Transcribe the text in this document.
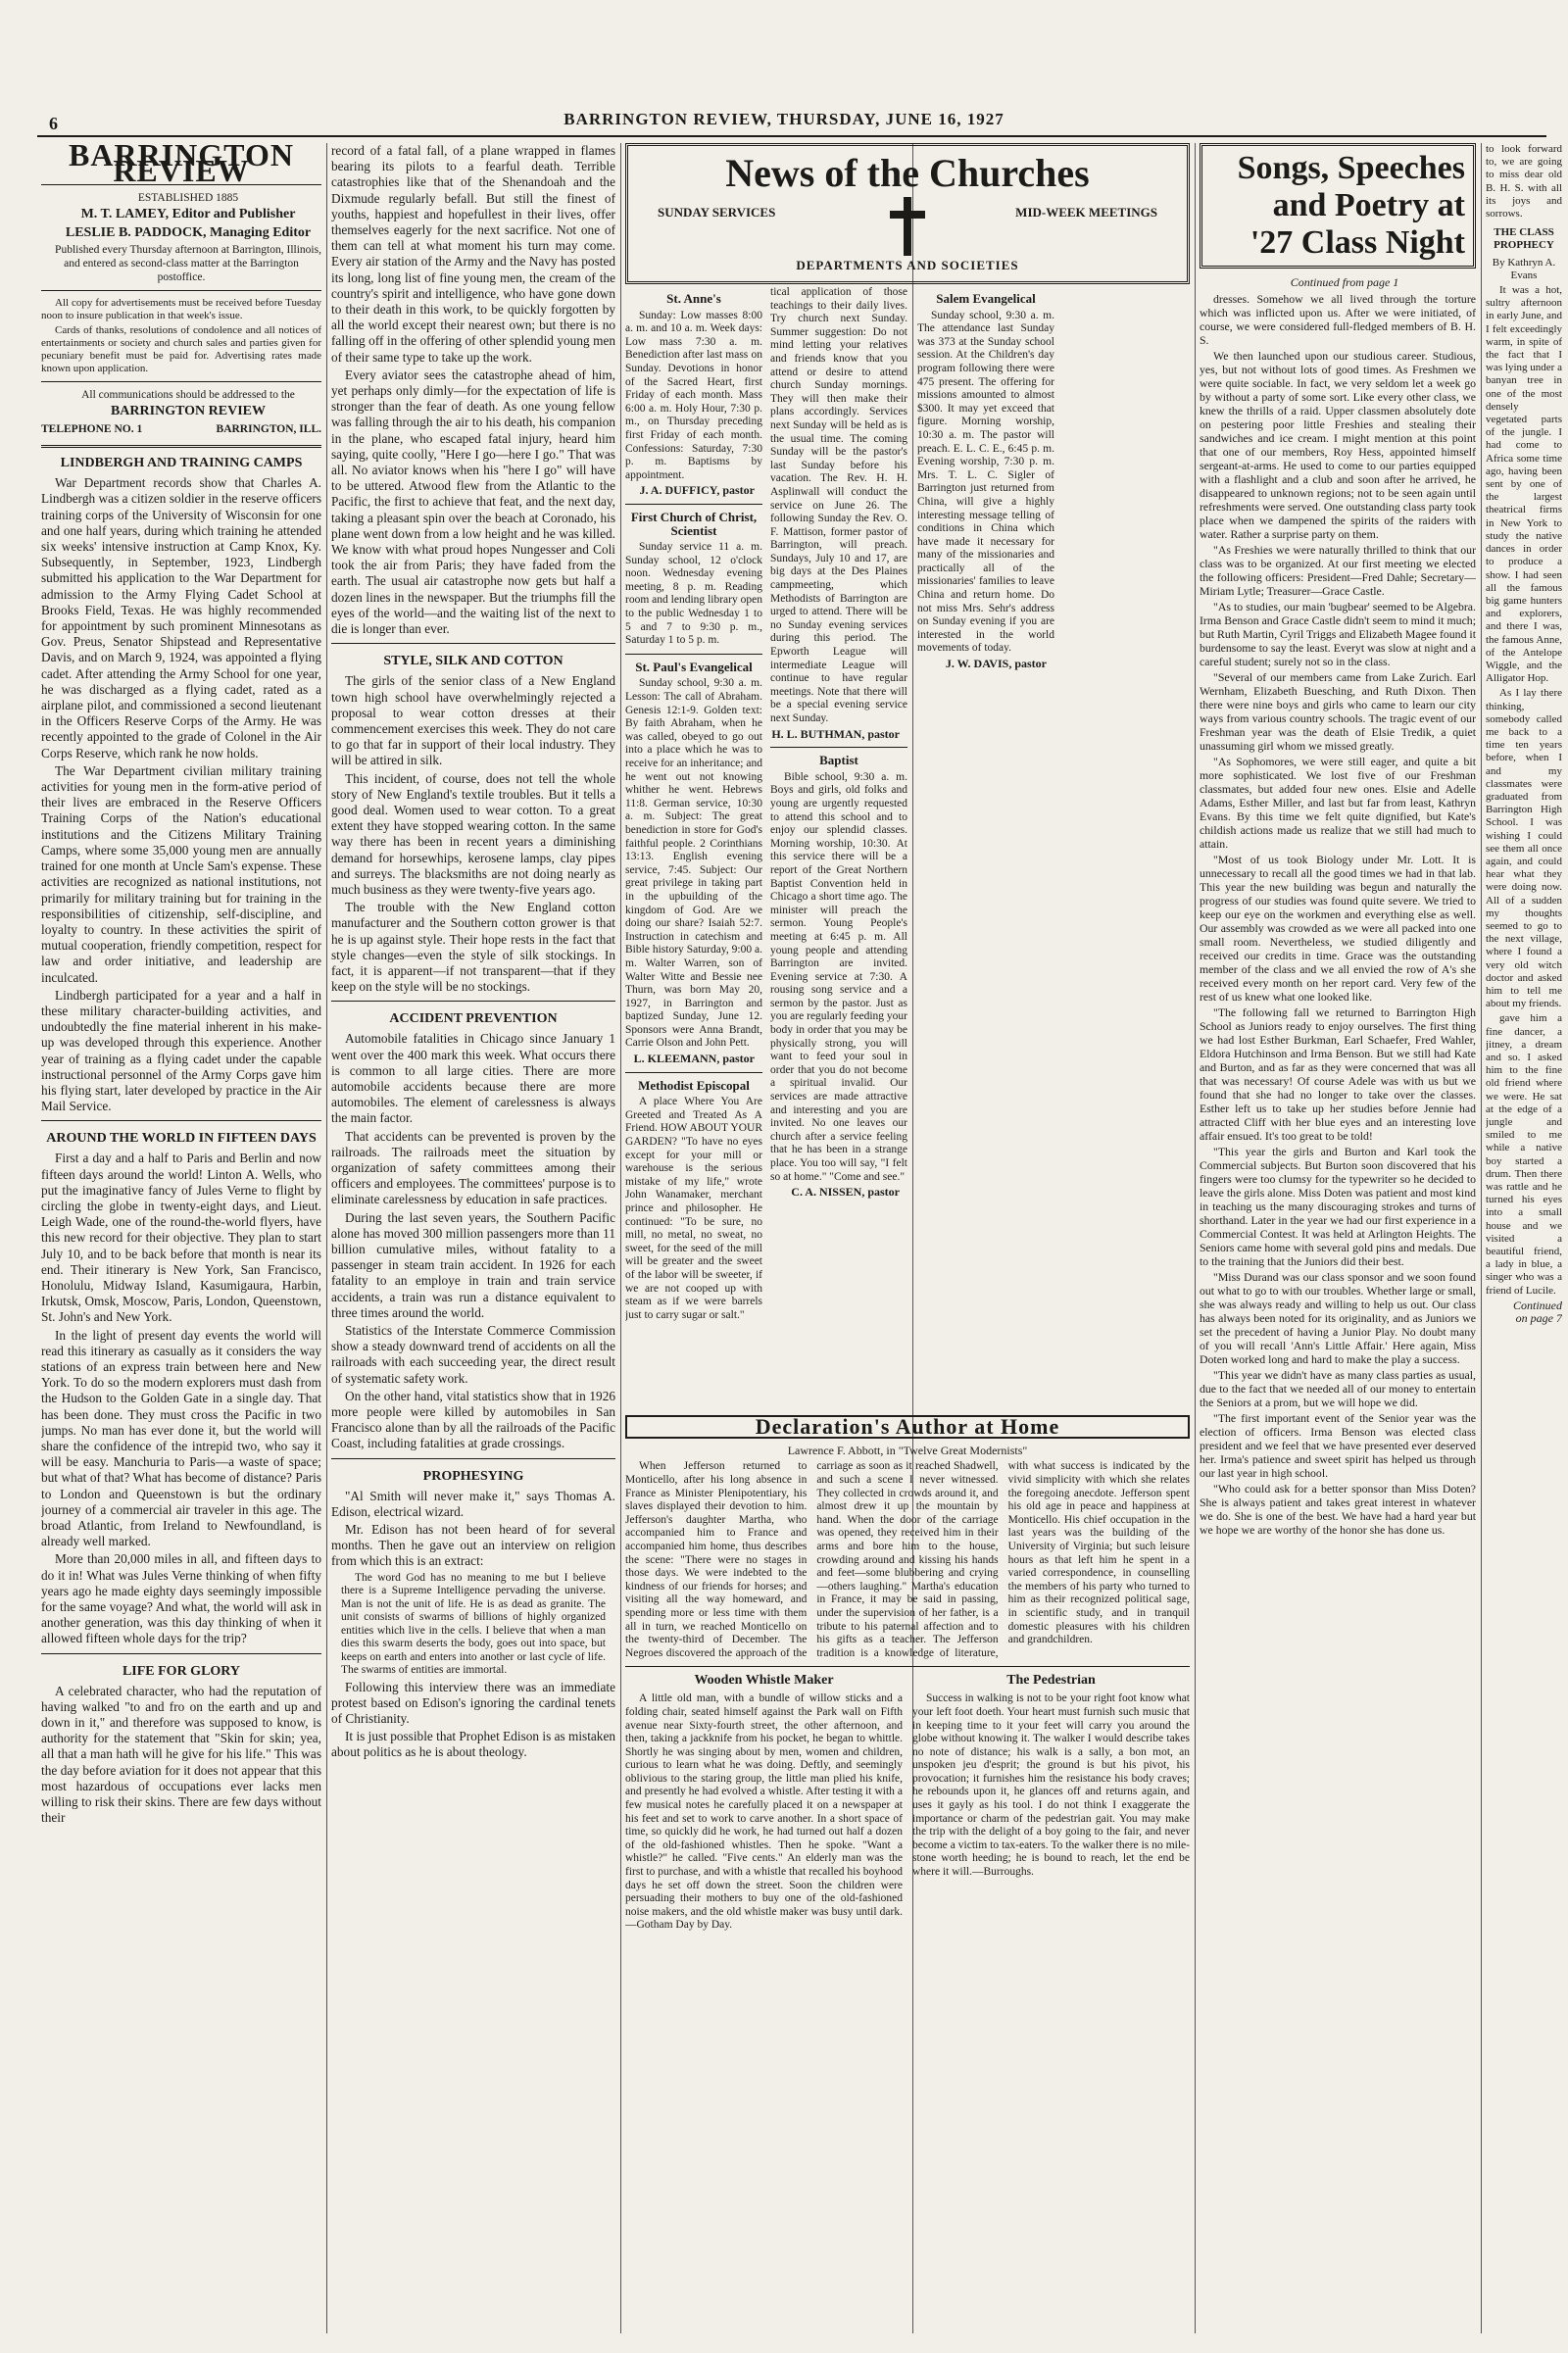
6	BARRINGTON REVIEW, THURSDAY, JUNE 16, 1927
BARRINGTON REVIEW

ESTABLISHED 1885

M. T. LAMEY, Editor and Publisher

LESLIE B. PADDOCK, Managing Editor

Published every Thursday afternoon at Barrington, Illinois, and entered as second-class matter at the Barrington postoffice.

All copy for advertisements must be received before Tuesday noon to insure publication in that week's issue.

Cards of thanks, resolutions of condolence and all notices of entertainments or society and church sales and parties given for pecuniary benefit must be paid for. Advertising rates made known upon application.

All communications should be addressed to the

BARRINGTON REVIEW

TELEPHONE NO. 1	BARRINGTON, ILL.
LINDBERGH AND TRAINING CAMPS

War Department records show that Charles A. Lindbergh was a citizen soldier in the reserve officers training corps of the University of Wisconsin for one and one half years, during which training he attended six weeks' intensive instruction at Camp Knox, Ky. Subsequently, in September, 1923, Lindbergh submitted his application to the War Department for admission to the Army Flying Cadet School at Brooks Field, Texas. He was highly recommended for appointment by such prominent Minnesotans as Gov. Preus, Senator Shipstead and Representative Davis, and on March 9, 1924, was appointed a flying cadet. After attending the Army School for one year, he was discharged as a flying cadet, rated as a airplane pilot, and commissioned a second lieutenant in the Officers Reserve Corps of the Army. He was recently appointed to the grade of Colonel in the Air Corps Reserve, which rank he now holds.

The War Department civilian military training activities for young men in the form-ative period of their lives are embraced in the Reserve Officers Training Corps of the Nation's educational institutions and the Citizens Military Training Camps, where some 35,000 young men are annually trained for one month at Uncle Sam's expense. These activities are recognized as national institutions, not primarily for military training but for training in the responsibilities of citizenship, self-discipline, and loyalty to country. In these activities the spirit of mutual cooperation, friendly competition, respect for law and order initiative, and leadership are inculcated.

Lindbergh participated for a year and a half in these military character-building activities, and undoubtedly the fine material inherent in his make-up was developed through this experience. Another year of training as a flying cadet under the capable instructional personnel of the Army Corps gave him his flying start, later developed by practice in the Air Mail Service.

AROUND THE WORLD IN FIFTEEN DAYS

First a day and a half to Paris and Berlin and now fifteen days around the world! Linton A. Wells, who put the imaginative fancy of Jules Verne to flight by circling the globe in twenty-eight days, and Lieut. Leigh Wade, one of the round-the-world flyers, have this new record for their objective. They plan to start July 10, and to be back before that month is near its end. Their itinerary is New York, San Francisco, Honolulu, Midway Island, Kasumigaura, Harbin, Irkutsk, Omsk, Moscow, Paris, London, Queenstown, St. John's and New York.

In the light of present day events the world will read this itinerary as casually as it considers the way stations of an express train between here and New York. To do so the modern explorers must dash from the Hudson to the Golden Gate in a single day. That has been done. They must cross the Pacific in two jumps. No man has ever done it, but the world will share the confidence of the intrepid two, who say it will be easy. Manchuria to Paris—a waste of space; but what of that? What has become of distance? Paris to London and Queenstown is but the ordinary journey of a commercial air traveler in this age. The broad Atlantic, from Ireland to Newfoundland, is already well marked.

More than 20,000 miles in all, and fifteen days to do it in! What was Jules Verne thinking of when fifty years ago he made eighty days seemingly impossible for the same voyage? And what, the world will ask in another generation, was this day thinking of when it allowed fifteen whole days for the trip?

LIFE FOR GLORY

A celebrated character, who had the reputation of having walked "to and fro on the earth and up and down in it," and therefore was supposed to know, is authority for the statement that "Skin for skin; yea, all that a man hath will he give for his life." This was the day before aviation for it does not appear that this most hazardous of occupations ever lacks men willing to risk their skins. There are few days without their

record of a fatal fall, of a plane wrapped in flames bearing its pilots to a fearful death. Terrible catastrophies like that of the Shenandoah and the Dixmude regularly befall. But still the finest of youths, happiest and hopefullest in their lives, offer themselves eagerly for the next sacrifice. Not one of them can tell at what moment his turn may come. Every air station of the Army and the Navy has posted its long, long list of fine young men, the cream of the country's spirit and intelligence, who have gone down to their death in this work, to be quickly forgotten by all the world except their nearest own; but there is no falling off in the offering of other splendid young men of their same type to take up the work.

Every aviator sees the catastrophe ahead of him, yet perhaps only dimly—for the expectation of life is stronger than the fear of death. As one young fellow was falling through the air to his death, his companion in the plane, who escaped fatal injury, heard him saying, quite coolly, "Here I go—here I go." That was all. No aviator knows when his "here I go" will have to be uttered. Atwood flew from the Atlantic to the Pacific, the first to achieve that feat, and the next day, taking a pleasant spin over the beach at Coronado, his plane went down from a low height and he was killed. We know with what proud hopes Nungesser and Coli took the air from Paris; they have faded from the earth. The usual air catastrophe now gets but half a dozen lines in the newspaper. But the triumphs fill the eyes of the world—and the waiting list of the next to die is longer than ever.

STYLE, SILK AND COTTON

The girls of the senior class of a New England town high school have overwhelmingly rejected a proposal to wear cotton dresses at their commencement exercises this week. They do not care to go that far in support of their local industry. They will be attired in silk.

This incident, of course, does not tell the whole story of New England's textile troubles. But it tells a good deal. Women used to wear cotton. To a great extent they have stopped wearing cotton. In the same way there has been in recent years a diminishing demand for horsewhips, kerosene lamps, clay pipes and surreys. The blacksmiths are not doing nearly as much business as they were twenty-five years ago.

The trouble with the New England cotton manufacturer and the Southern cotton grower is that he is up against style. Their hope rests in the fact that style changes—even the style of silk stockings. In fact, it is apparent—if not transparent—that if they keep on the style will be no stockings.

ACCIDENT PREVENTION

Automobile fatalities in Chicago since January 1 went over the 400 mark this week. What occurs there is common to all large cities. There are more automobile accidents because there are more automobiles. The element of carelessness is always the main factor.

That accidents can be prevented is proven by the railroads. The railroads meet the situation by organization of safety committees among their officers and employees. The committees' purpose is to eliminate carelessness by education in safe practices.

During the last seven years, the Southern Pacific alone has moved 300 million passengers more than 11 billion cumulative miles, without fatality to a passenger in steam train accident. In 1926 for each fatality to an employe in train and train service accidents, a train was run a distance equivalent to three times around the world.

Statistics of the Interstate Commerce Commission show a steady downward trend of accidents on all the railroads with each succeeding year, the direct result of systematic safety work.

On the other hand, vital statistics show that in 1926 more people were killed by automobiles in San Francisco alone than by all the railroads of the Pacific Coast, including fatalities at grade crossings.

PROPHESYING

"Al Smith will never make it," says Thomas A. Edison, electrical wizard.

Mr. Edison has not been heard of for several months. Then he gave out an interview on religion from which this is an extract:

The word God has no meaning to me but I believe there is a Supreme Intelligence pervading the universe. Man is not the unit of life. He is as dead as granite. The unit consists of swarms of billions of highly organized entities which live in the cells. I believe that when a man dies this swarm deserts the body, goes out into space, but keeps on earth and enters into another or last cycle of life. The swarms of entities are immortal.

Following this interview there was an immediate protest based on Edison's ignoring the cardinal tenets of Christianity.

It is just possible that Prophet Edison is as mistaken about politics as he is about theology.

News of the Churches
SUNDAY SERVICES	MID-WEEK MEETINGS
DEPARTMENTS AND SOCIETIES
St. Anne's

Sunday: Low masses 8:00 a. m. and 10 a. m. Week days: Low mass 7:30 a. m. Benediction after last mass on Sunday. Devotions in honor of the Sacred Heart, first Friday of each month. Mass 6:00 a. m. Holy Hour, 7:30 p. m., on Thursday preceding first Friday of each month. Confessions: Saturday, 7:30 p. m. Baptisms by appointment.

J. A. DUFFICY, pastor
First Church of Christ, Scientist

Sunday service 11 a. m. Sunday school, 12 o'clock noon. Wednesday evening meeting, 8 p. m. Reading room and lending library open to the public Wednesday 1 to 5 and 7 to 9:30 p. m., Saturday 1 to 5 p. m.

St. Paul's Evangelical

Sunday school, 9:30 a. m. Lesson: The call of Abraham. Genesis 12:1-9. Golden text: By faith Abraham, when he was called, obeyed to go out into a place which he was to receive for an inheritance; and he went out not knowing whither he went. Hebrews 11:8. German service, 10:30 a. m. Subject: The great benediction in store for God's faithful people. 2 Corinthians 13:13. English evening service, 7:45. Subject: Our great privilege in taking part in the upbuilding of the kingdom of God. Are we doing our share? Isaiah 52:7. Instruction in catechism and Bible history Saturday, 9:00 a. m. Walter Warren, son of Walter Witte and Bessie nee Thurn, was born May 20, 1927, in Barrington and baptized Sunday, June 12. Sponsors were Anna Brandt, Carrie Olson and John Pett.

L. KLEEMANN, pastor
Methodist Episcopal

A place Where You Are Greeted and Treated As A Friend. HOW ABOUT YOUR GARDEN? "To have no eyes except for your mill or warehouse is the serious mistake of my life," wrote John Wanamaker, merchant prince and philosopher. He continued: "To be sure, no mill, no metal, no sweat, no sweet, for the seed of the mill will be greater and the sweet of the labor will be sweeter, if we are not cooped up with steam as if we were barrels just to carry sugar or salt."

tical application of those teachings to their daily lives. Try church next Sunday. Summer suggestion: Do not mind letting your relatives and friends know that you attend or desire to attend church Sunday mornings. They will then make their plans accordingly. Services next Sunday will be held as is the usual time. The coming Sunday will be the pastor's last Sunday before his vacation. The Rev. H. H. Asplinwall will conduct the service on June 26. The following Sunday the Rev. O. F. Mattison, former pastor of Barrington, will preach. Sundays, July 10 and 17, are big days at the Des Plaines campmeeting, which Methodists of Barrington are urged to attend. There will be no Sunday evening services during this period. The Epworth League will intermediate League will continue to have regular meetings. Note that there will be a special evening service next Sunday.

H. L. BUTHMAN, pastor
Baptist

Bible school, 9:30 a. m. Boys and girls, old folks and young are urgently requested to attend this school and to enjoy our splendid classes. Morning worship, 10:30. At this service there will be a report of the Great Northern Baptist Convention held in Chicago a short time ago. The minister will preach the sermon. Young People's meeting at 6:45 p. m. All young people and attending Barrington are invited. Evening service at 7:30. A rousing song service and a sermon by the pastor. Just as you are regularly feeding your body in order that you may be physically strong, you will want to feed your soul in order that you do not become a spiritual invalid. Our services are made attractive and interesting and you are invited. No one leaves our church after a service feeling that he has been in a strange place. You too will say, "I felt so at home." "Come and see."

C. A. NISSEN, pastor
Salem Evangelical

Sunday school, 9:30 a. m. The attendance last Sunday was 373 at the Sunday school session. At the Children's day program following there were 475 present. The offering for missions amounted to almost $300. It may yet exceed that figure. Morning worship, 10:30 a. m. The pastor will preach. E. L. C. E., 6:45 p. m. Evening worship, 7:30 p. m. Mrs. T. L. C. Sigler of Barrington just returned from China, will give a highly interesting message telling of conditions in China which have made it necessary for many of the missionaries and practically all of the missionaries' families to leave China and return home. Do not miss Mrs. Sehr's address on Sunday evening if you are interested in the world movements of today.

J. W. DAVIS, pastor
Declaration's Author at Home

Lawrence F. Abbott, in "Twelve Great Modernists"

When Jefferson returned to Monticello, after his long absence in France as Minister Plenipotentiary, his slaves displayed their devotion to him. Jefferson's daughter Martha, who accompanied him to France and accompanied him home, thus describes the scene: "There were no stages in those days. We were indebted to the kindness of our friends for horses; and visiting all the way homeward, and spending more or less time with them all in turn, we reached Monticello on the twenty-third of December. The Negroes discovered the approach of the carriage as soon as it reached Shadwell, and such a scene I never witnessed. They collected in crowds around it, and almost drew it up the mountain by hand. When the door of the carriage was opened, they received him in their arms and bore him to the house, crowding around and kissing his hands and feet—some blubbering and crying—others laughing." Martha's education in France, it may be said in passing, under the supervision of her father, is a tribute to his paternal affection and to his gifts as a teacher. The Jefferson tradition is a knowledge of literature, with what success is indicated by the vivid simplicity with which she relates the foregoing anecdote. Jefferson spent his old age in peace and happiness at Monticello. His chief occupation in the last years was the building of the University of Virginia; but such leisure hours as that left him he spent in a varied correspondence, in counselling the members of his party who turned to him as their recognized political sage, in scientific study, and in tranquil domestic pleasures with his children and grandchildren.

Wooden Whistle Maker

A little old man, with a bundle of willow sticks and a folding chair, seated himself against the Park wall on Fifth avenue near Sixty-fourth street, the other afternoon, and then, taking a jackknife from his pocket, he began to whittle. Shortly he was singing about by men, women and children, curious to learn what he was doing. Deftly, and seemingly oblivious to the staring group, the little man plied his knife, and presently he had evolved a whistle. After testing it with a few musical notes he carefully placed it on a newspaper at his feet and set to work to carve another. In a short space of time, so quickly did he work, he had turned out half a dozen of the old-fashioned whistles. Then he spoke. "Want a whistle?" he called. "Five cents." An elderly man was the first to purchase, and with a whistle that recalled his boyhood days he set off down the street. Soon the children were persuading their mothers to buy one of the old-fashioned noise makers, and the old whistle maker was busy until dark.—Gotham Day by Day.

The Pedestrian

Success in walking is not to be your right foot know what your left foot doeth. Your heart must furnish such music that in keeping time to it your feet will carry you around the globe without knowing it. The walker I would describe takes no note of distance; his walk is a sally, a bon mot, an unspoken jeu d'esprit; the ground is but his pivot, his provocation; it furnishes him the resistance his body craves; he rebounds upon it, he glances off and returns again, and uses it gayly as his tool. I do not think I exaggerate the importance or charm of the pedestrian gait. You may make the trip with the delight of a boy going to the fair, and never become a victim to tax-eaters. To the walker there is no mile-stone worth heeding; he is bound to reach, let the end be where it will.—Burroughs.

Songs, Speeches
and Poetry at
'27 Class Night

Continued from page 1

dresses. Somehow we all lived through the torture which was inflicted upon us. After we were initiated, of course, we were considered full-fledged members of B. H. S.

We then launched upon our studious career. Studious, yes, but not without lots of good times. As Freshmen we were quite sociable. In fact, we very seldom let a week go by without a party of some sort. Like every other class, we knew the thrills of a raid. Upper classmen absolutely dote on pestering poor little Freshies and stealing their sandwiches and ice cream. I might mention at this point that one of our members, Roy Hess, appointed himself sergeant-at-arms. He used to come to our parties equipped with a flashlight and a club and soon after he arrived, he disappeared to unknown regions; not to be seen again until refreshments were served. One outstanding class party took place when we dampened the spirits of the raiders with water. Rather a surprise party on them.

"As Freshies we were naturally thrilled to think that our class was to be organized. At our first meeting we elected the following officers: President—Fred Dahle; Secretary—Miriam Lytle; Treasurer—Grace Castle.

"As to studies, our main 'bugbear' seemed to be Algebra. Irma Benson and Grace Castle didn't seem to mind it much; but Ruth Martin, Cyril Triggs and Elizabeth Magee found it burdensome to say the least. Everyt was slow at night and a careful student; surely not so in the class.

"Several of our members came from Lake Zurich. Earl Wernham, Elizabeth Buesching, and Ruth Dixon. Then there were nine boys and girls who came to learn our city ways from various country schools. The tragic event of our Freshman year was the death of Elsie Tredik, a quiet unassuming girl whom we missed greatly.

"As Sophomores, we were still eager, and quite a bit more sophisticated. We lost five of our Freshman classmates, but added four new ones. Elsie and Adelle Adams, Esther Miller, and last but far from least, Kathryn Evans. By this time we felt quite dignified, but Kate's childish actions made us realize that we still had much to attain.

"Most of us took Biology under Mr. Lott. It is unnecessary to recall all the good times we had in that lab. This year the new building was begun and naturally the progress of our studies was found quite severe. We tried to keep our eye on the workmen and everything else as well. Our assembly was crowded as we were all packed into one small room. Nevertheless, we studied diligently and received our credits in time. Grace was the outstanding member of the class and we all envied the row of A's she received every month on her report card. Very few of the rest of us knew what one looked like.

"The following fall we returned to Barrington High School as Juniors ready to enjoy ourselves. The first thing we had lost Esther Burkman, Earl Schaefer, Fred Wahler, Eldora Hutchinson and Irma Benson. But we still had Kate and Burton, and as far as they were concerned that was all that was necessary! Of course Adele was with us but we found that she had no longer to take over the classes. Esther left us to take up her studies before Jennie had attracted Cliff with her blue eyes and an interesting love affair ensued. It's too great to be told!

"This year the girls and Burton and Karl took the Commercial subjects. But Burton soon discovered that his fingers were too clumsy for the typewriter so he decided to leave the girls alone. Miss Doten was patient and most kind in teaching us the many discouraging strokes and turns of shorthand. Later in the year we had our first experience in a Commercial Contest. It was held at Arlington Heights. The Seniors came home with several gold pins and medals. Due to the training that the Juniors did their best.

"Miss Durand was our class sponsor and we soon found out what to go to with our troubles. Whether large or small, she was always ready and willing to help us out. Our class has always been noted for its originality, and as Juniors we set the precedent of having a Junior Play. No doubt many of you will recall 'Ann's Little Affair.' Here again, Miss Doten worked long and hard to make the play a success.

"This year we didn't have as many class parties as usual, due to the fact that we needed all of our money to entertain the Seniors at a prom, but we will hope we did.

"The first important event of the Senior year was the election of officers. Irma Benson was elected class president and we feel that we have presented ever deserved her. Irma's patience and sweet spirit has helped us through our last year in high school.

"Who could ask for a better sponsor than Miss Doten? She is always patient and takes great interest in whatever we do. She is one of the best. We have had a hard year but we hope we are worthy of the honor she has done us.

to look forward to, we are going to miss dear old B. H. S. with all its joys and sorrows.

THE CLASS PROPHECY

By Kathryn A. Evans

It was a hot, sultry afternoon in early June, and I felt exceedingly warm, in spite of the fact that I was lying under a banyan tree in one of the most densely vegetated parts of the jungle. I had come to Africa some time ago, having been sent by one of the largest theatrical firms in New York to study the native dances in order to produce a show. I had seen all the famous big game hunters and explorers, and there I was, the famous Anne, of the Antelope Wiggle, and the Alligator Hop.

As I lay there thinking, somebody called me back to a time ten years before, when I and my classmates were graduated from Barrington High School. I was wishing I could see them all once again, and could hear what they were doing now. All of a sudden my thoughts seemed to go to the next village, where I found a very old witch doctor and asked him to tell me about my friends.

gave him a fine dancer, a jitney, a dream and so. I asked him to the fine old friend where we were. He sat at the edge of a jungle and smiled to me while a native boy started a drum. Then there was rattle and he turned his eyes into a small house and we visited a beautiful friend, a lady in blue, a singer who was a friend of Lucile.

Continued on page 7
